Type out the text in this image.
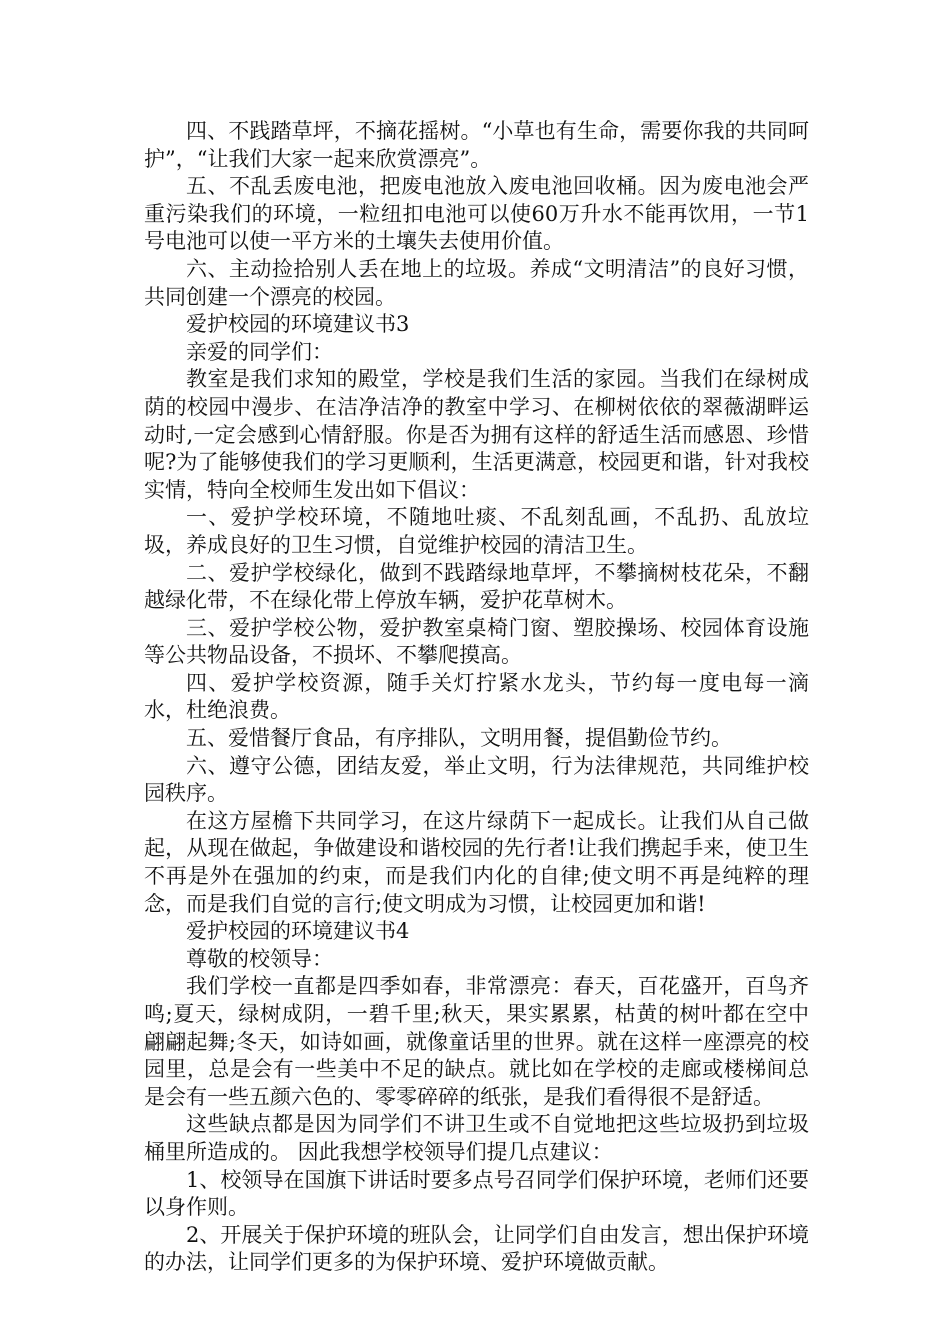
四、不践踏草坪，不摘花摇树。“小草也有生命，需要你我的共同呵护”，“让我们大家一起来欣赏漂亮”。

五、不乱丢废电池，把废电池放入废电池回收桶。因为废电池会严重污染我们的环境，一粒纽扣电池可以使60万升水不能再饮用，一节1号电池可以使一平方米的土壤失去使用价值。

六、主动捡拾别人丢在地上的垃圾。养成“文明清洁”的良好习惯，共同创建一个漂亮的校园。

爱护校园的环境建议书3

亲爱的同学们：

教室是我们求知的殿堂，学校是我们生活的家园。当我们在绿树成荫的校园中漫步、在洁净洁净的教室中学习、在柳树依依的翠薇湖畔运动时,一定会感到心情舒服。你是否为拥有这样的舒适生活而感恩、珍惜呢?为了能够使我们的学习更顺利，生活更满意，校园更和谐，针对我校实情，特向全校师生发出如下倡议：

一、爱护学校环境，不随地吐痰、不乱刻乱画，不乱扔、乱放垃圾，养成良好的卫生习惯，自觉维护校园的清洁卫生。

二、爱护学校绿化，做到不践踏绿地草坪，不攀摘树枝花朵，不翻越绿化带，不在绿化带上停放车辆，爱护花草树木。

三、爱护学校公物，爱护教室桌椅门窗、塑胶操场、校园体育设施等公共物品设备，不损坏、不攀爬摸高。

四、爱护学校资源，随手关灯拧紧水龙头，节约每一度电每一滴水，杜绝浪费。

五、爱惜餐厅食品，有序排队，文明用餐，提倡勤俭节约。

六、遵守公德，团结友爱，举止文明，行为法律规范，共同维护校园秩序。

在这方屋檐下共同学习，在这片绿荫下一起成长。让我们从自己做起，从现在做起，争做建设和谐校园的先行者!让我们携起手来，使卫生不再是外在强加的约束，而是我们内化的自律;使文明不再是纯粹的理念，而是我们自觉的言行;使文明成为习惯，让校园更加和谐!

爱护校园的环境建议书4

尊敬的校领导：

我们学校一直都是四季如春，非常漂亮：春天，百花盛开，百鸟齐鸣;夏天，绿树成阴，一碧千里;秋天，果实累累，枯黄的树叶都在空中翩翩起舞;冬天，如诗如画，就像童话里的世界。就在这样一座漂亮的校园里，总是会有一些美中不足的缺点。就比如在学校的走廊或楼梯间总是会有一些五颜六色的、零零碎碎的纸张，是我们看得很不是舒适。

这些缺点都是因为同学们不讲卫生或不自觉地把这些垃圾扔到垃圾桶里所造成的。 因此我想学校领导们提几点建议：

1、校领导在国旗下讲话时要多点号召同学们保护环境，老师们还要以身作则。

2、开展关于保护环境的班队会，让同学们自由发言，想出保护环境的办法，让同学们更多的为保护环境、爱护环境做贡献。
